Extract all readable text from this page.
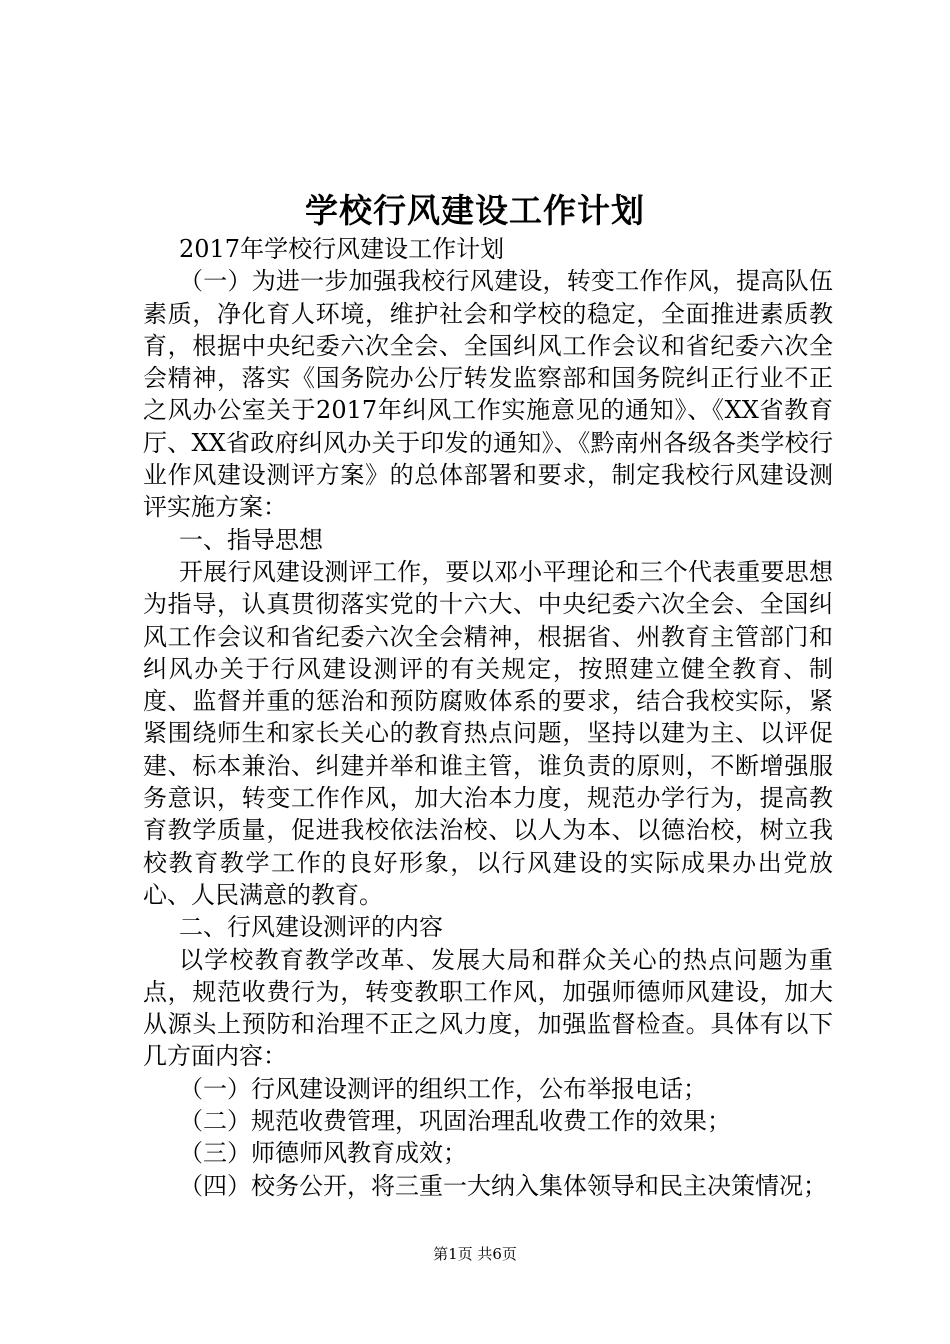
学校行风建设工作计划

2017年学校行风建设工作计划

（一）为进一步加强我校行风建设，转变工作作风，提高队伍素质，净化育人环境，维护社会和学校的稳定，全面推进素质教育，根据中央纪委六次全会、全国纠风工作会议和省纪委六次全会精神，落实《国务院办公厅转发监察部和国务院纠正行业不正之风办公室关于2017年纠风工作实施意见的通知》、《XX省教育厅、XX省政府纠风办关于印发的通知》、《黔南州各级各类学校行业作风建设测评方案》的总体部署和要求，制定我校行风建设测评实施方案：

一、指导思想

开展行风建设测评工作，要以邓小平理论和三个代表重要思想为指导，认真贯彻落实党的十六大、中央纪委六次全会、全国纠风工作会议和省纪委六次全会精神，根据省、州教育主管部门和纠风办关于行风建设测评的有关规定，按照建立健全教育、制度、监督并重的惩治和预防腐败体系的要求，结合我校实际，紧紧围绕师生和家长关心的教育热点问题，坚持以建为主、以评促建、标本兼治、纠建并举和谁主管，谁负责的原则，不断增强服务意识，转变工作作风，加大治本力度，规范办学行为，提高教育教学质量，促进我校依法治校、以人为本、以德治校，树立我校教育教学工作的良好形象，以行风建设的实际成果办出党放心、人民满意的教育。

二、行风建设测评的内容

以学校教育教学改革、发展大局和群众关心的热点问题为重点，规范收费行为，转变教职工作风，加强师德师风建设，加大从源头上预防和治理不正之风力度，加强监督检查。具体有以下几方面内容：

（一）行风建设测评的组织工作，公布举报电话；

（二）规范收费管理，巩固治理乱收费工作的效果；

（三）师德师风教育成效；

（四）校务公开，将三重一大纳入集体领导和民主决策情况；

第1页 共6页
